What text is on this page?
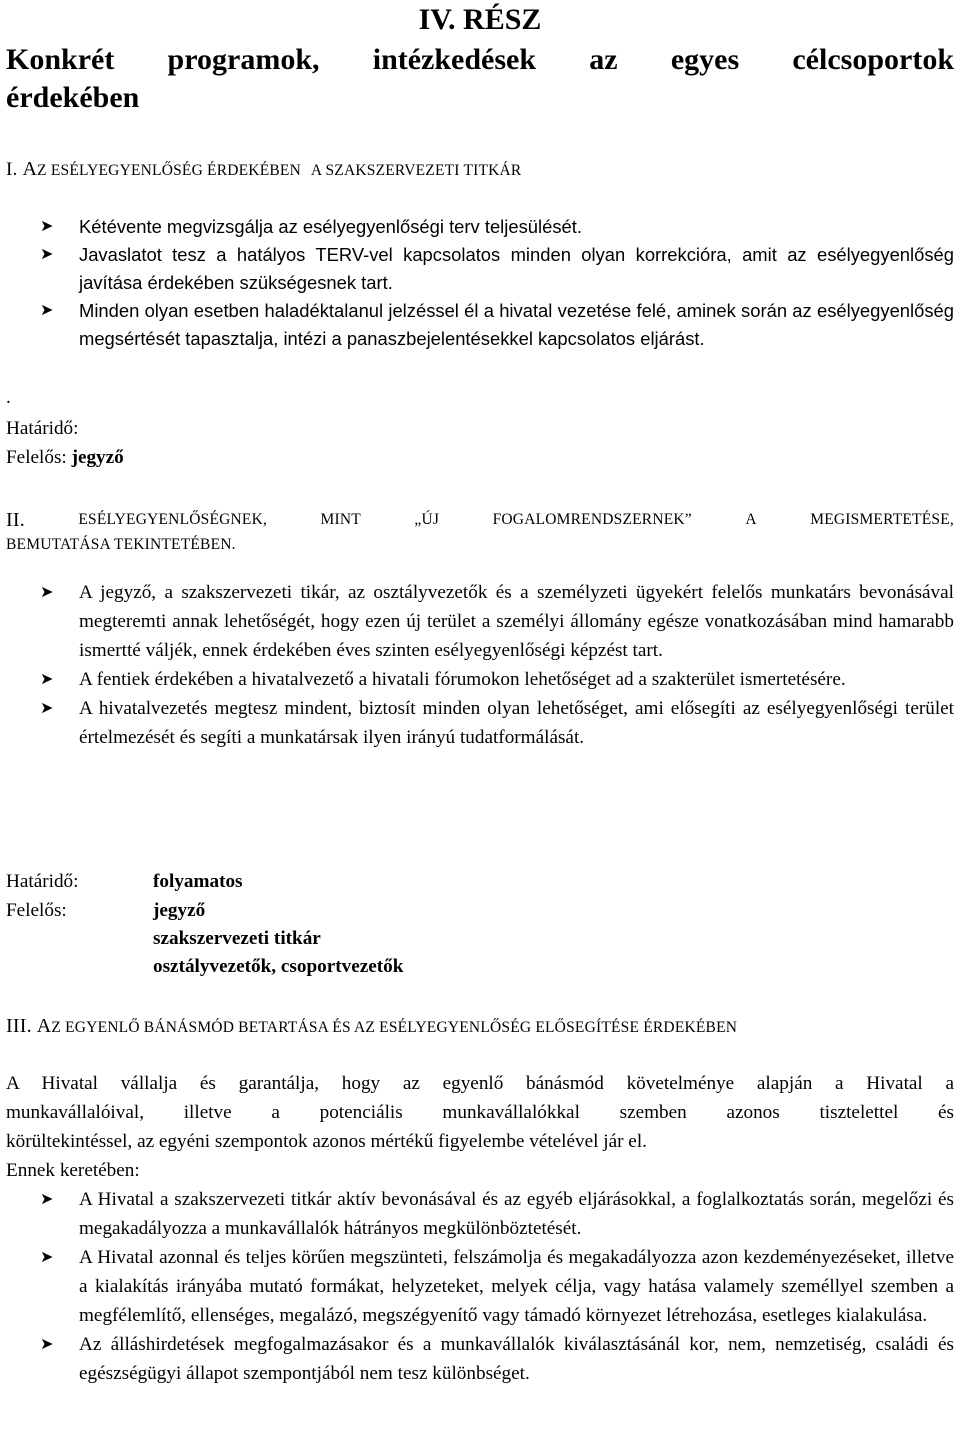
IV. RÉSZ
Konkrét programok, intézkedések az egyes célcsoportok
érdekében
I. AZ ESÉLYEGYENLŐSÉG ÉRDEKÉBEN A SZAKSZERVEZETI TITKÁR
➤ Kétévente megvizsgálja az esélyegyenlőségi terv teljesülését.
➤ Javaslatot tesz a hatályos TERV-vel kapcsolatos minden olyan korrekcióra, amit az esélyegyenlőség javítása érdekében szükségesnek tart.
➤ Minden olyan esetben haladéktalanul jelzéssel él a hivatal vezetése felé, aminek során az esélyegyenlőség megsértését tapasztalja, intézi a panaszbejelentésekkel kapcsolatos eljárást.
.
Határidő:
Felelős: jegyző
II.	ESÉLYEGYENLŐSÉGNEK,	MINT	„ÚJ	FOGALOMRENDSZERNEK”	A	MEGISMERTETÉSE,
BEMUTATÁSA TEKINTETÉBEN.
➤ A jegyző, a szakszervezeti tikár, az osztályvezetők és a személyzeti ügyekért felelős munkatárs bevonásával megteremti annak lehetőségét, hogy ezen új terület a személyi állomány egésze vonatkozásában mind hamarabb ismertté váljék, ennek érdekében éves szinten esélyegyenlőségi képzést tart.
➤ A fentiek érdekében a hivatalvezető a hivatali fórumokon lehetőséget ad a szakterület ismertetésére.
➤ A hivatalvezetés megtesz mindent, biztosít minden olyan lehetőséget, ami elősegíti az esélyegyenlőségi terület értelmezését és segíti a munkatársak ilyen irányú tudatformálását.
Határidő:	folyamatos
Felelős:	jegyző
szakszervezeti titkár
osztályvezetők, csoportvezetők
III. AZ EGYENLŐ BÁNÁSMÓD BETARTÁSA ÉS AZ ESÉLYEGYENLŐSÉG ELŐSEGÍTÉSE ÉRDEKÉBEN
A Hivatal vállalja és garantálja, hogy az egyenlő bánásmód követelménye alapján a Hivatal a
munkavállalóival, illetve a potenciális munkavállalókkal szemben azonos tisztelettel és
körültekintéssel, az egyéni szempontok azonos mértékű figyelembe vételével jár el.
Ennek keretében:
➤ A Hivatal a szakszervezeti titkár aktív bevonásával és az egyéb eljárásokkal, a foglalkoztatás során, megelőzi és megakadályozza a munkavállalók hátrányos megkülönböztetését.
➤ A Hivatal azonnal és teljes körűen megszünteti, felszámolja és megakadályozza azon kezdeményezéseket, illetve a kialakítás irányába mutató formákat, helyzeteket, melyek célja, vagy hatása valamely személlyel szemben a megfélemlítő, ellenséges, megalázó, megszégyenítő vagy támadó környezet létrehozása, esetleges kialakulása.
➤ Az álláshirdetések megfogalmazásakor és a munkavállalók kiválasztásánál kor, nem, nemzetiség, családi és egészségügyi állapot szempontjából nem tesz különbséget.
